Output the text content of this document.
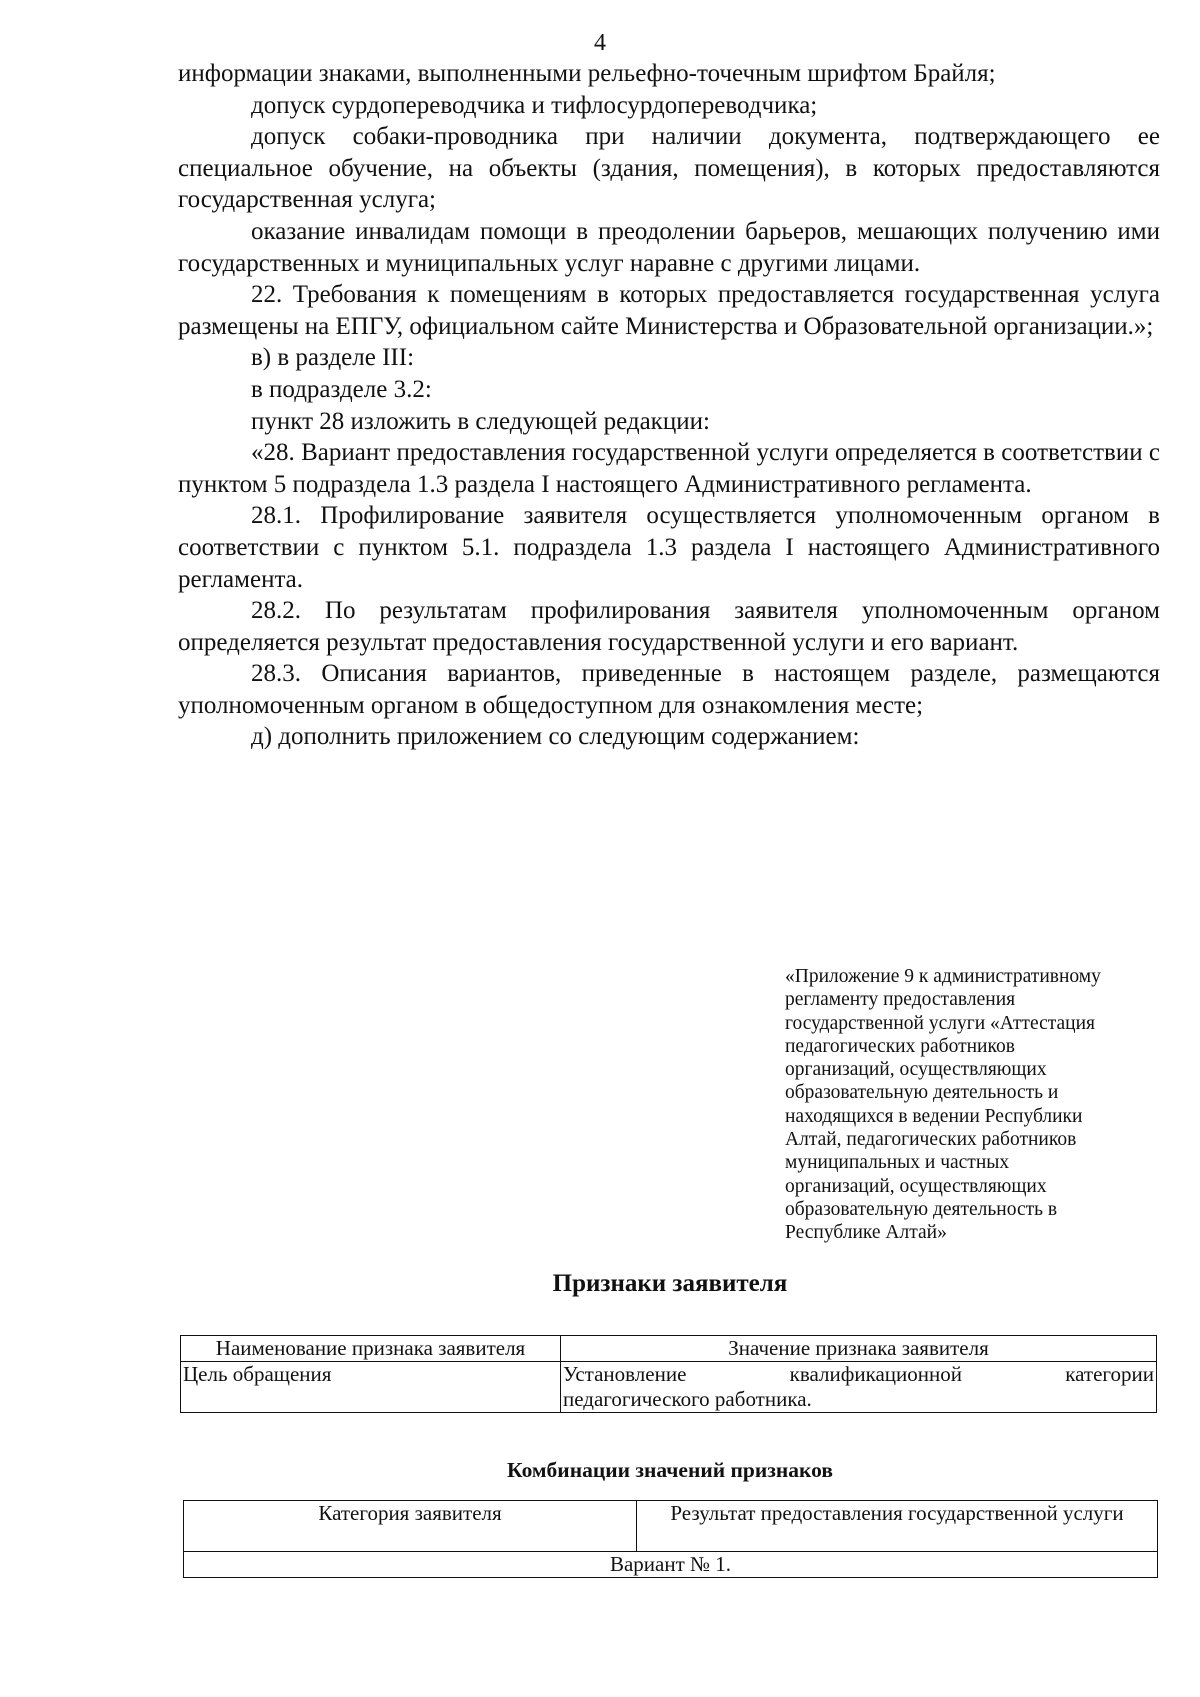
4

информации знаками, выполненными рельефно-точечным шрифтом Брайля;

допуск сурдопереводчика и тифлосурдопереводчика;

допуск собаки-проводника при наличии документа, подтверждающего ее специальное обучение, на объекты (здания, помещения), в которых предоставляются государственная услуга;

оказание инвалидам помощи в преодолении барьеров, мешающих получению ими государственных и муниципальных услуг наравне с другими лицами.

22. Требования к помещениям в которых предоставляется государственная услуга размещены на ЕПГУ, официальном сайте Министерства и Образовательной организации.»;

в) в разделе III:

в подразделе 3.2:

пункт 28 изложить в следующей редакции:

«28. Вариант предоставления государственной услуги определяется в соответствии с пунктом 5 подраздела 1.3 раздела I настоящего Административного регламента.

28.1. Профилирование заявителя осуществляется уполномоченным органом в соответствии с пунктом 5.1. подраздела 1.3 раздела I настоящего Административного регламента.

28.2. По результатам профилирования заявителя уполномоченным органом определяется результат предоставления государственной услуги и его вариант.

28.3. Описания вариантов, приведенные в настоящем разделе, размещаются уполномоченным органом в общедоступном для ознакомления месте;

д) дополнить приложением со следующим содержанием:

«Приложение 9 к административному
регламенту предоставления
государственной услуги «Аттестация
педагогических работников
организаций, осуществляющих
образовательную деятельность и
находящихся в ведении Республики
Алтай, педагогических работников
муниципальных и частных
организаций, осуществляющих
образовательную деятельность в
Республике Алтай»
Признаки заявителя
Наименование признака заявителя	Значение признака заявителя
Цель обращения	Установление квалификационной категории
педагогического работника.
Комбинации значений признаков
Категория заявителя	Результат предоставления государственной услуги
Вариант № 1.
